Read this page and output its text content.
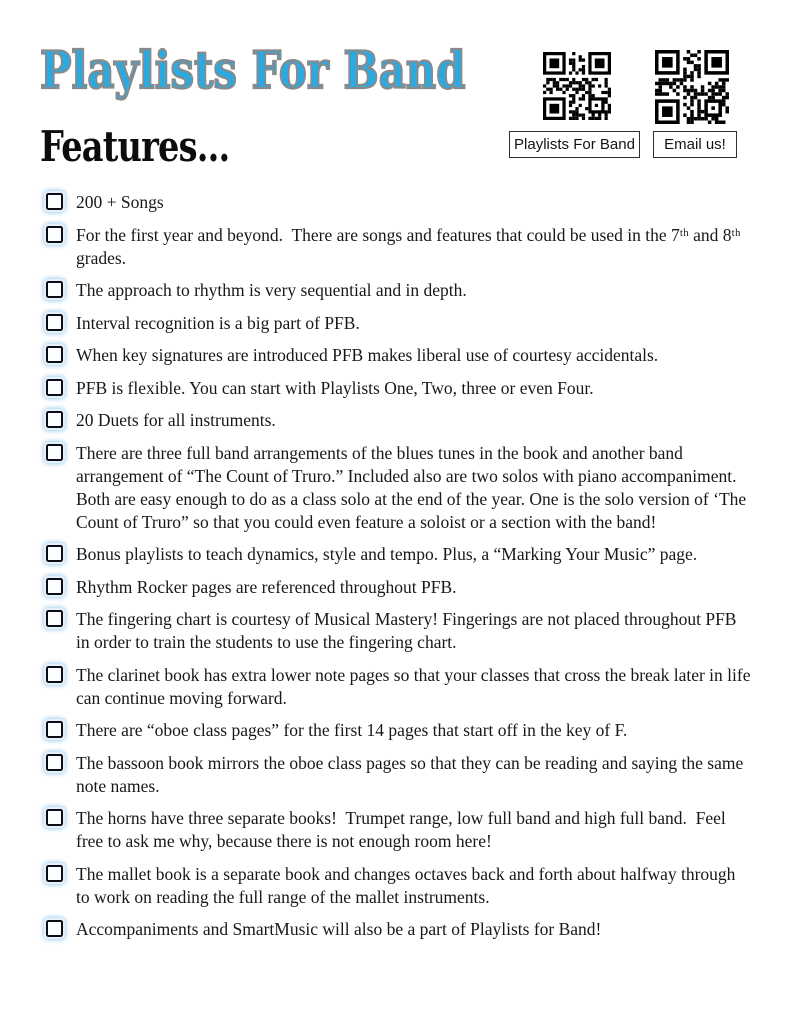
Playlists For Band
Playlists For Band Email us!
Features...

200 + Songs

For the first year and beyond.  There are songs and features that could be used in the 7ᵗʰ and 8ᵗʰ grades.

The approach to rhythm is very sequential and in depth.

Interval recognition is a big part of PFB.

When key signatures are introduced PFB makes liberal use of courtesy accidentals.

PFB is flexible. You can start with Playlists One, Two, three or even Four.

20 Duets for all instruments.

There are three full band arrangements of the blues tunes in the book and another band arrangement of “The Count of Truro.” Included also are two solos with piano accompaniment. Both are easy enough to do as a class solo at the end of the year. One is the solo version of ‘The Count of Truro” so that you could even feature a soloist or a section with the band!

Bonus playlists to teach dynamics, style and tempo. Plus, a “Marking Your Music” page.

Rhythm Rocker pages are referenced throughout PFB.

The fingering chart is courtesy of Musical Mastery! Fingerings are not placed throughout PFB in order to train the students to use the fingering chart.

The clarinet book has extra lower note pages so that your classes that cross the break later in life can continue moving forward.

There are “oboe class pages” for the first 14 pages that start off in the key of F.

The bassoon book mirrors the oboe class pages so that they can be reading and saying the same note names.

The horns have three separate books!  Trumpet range, low full band and high full band.  Feel free to ask me why, because there is not enough room here!

The mallet book is a separate book and changes octaves back and forth about halfway through to work on reading the full range of the mallet instruments.

Accompaniments and SmartMusic will also be a part of Playlists for Band!
